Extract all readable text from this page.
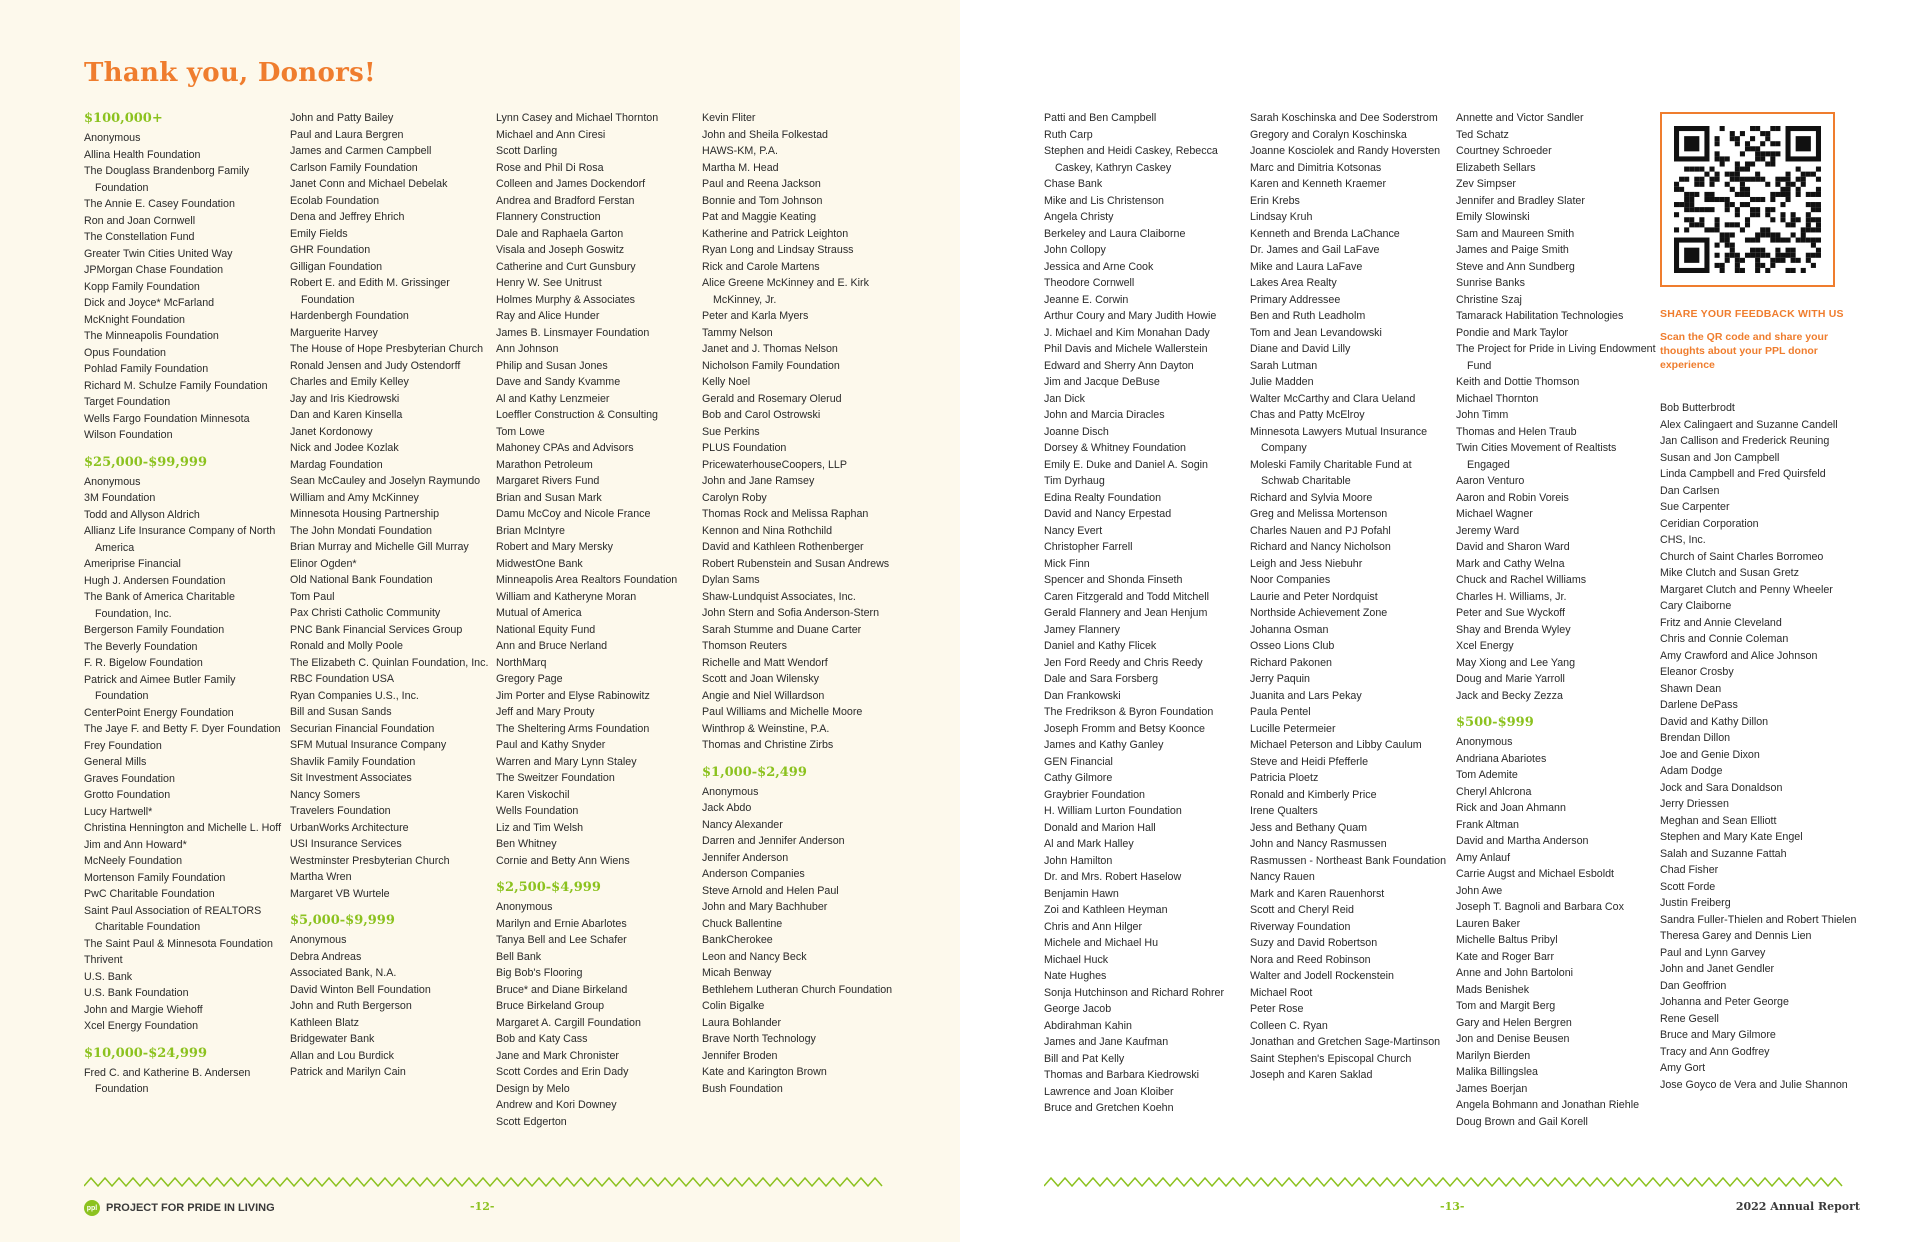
Thank you, Donors!
$100,000+
Anonymous
Allina Health Foundation
The Douglass Brandenborg Family Foundation
The Annie E. Casey Foundation
Ron and Joan Cornwell
The Constellation Fund
Greater Twin Cities United Way
JPMorgan Chase Foundation
Kopp Family Foundation
Dick and Joyce* McFarland
McKnight Foundation
The Minneapolis Foundation
Opus Foundation
Pohlad Family Foundation
Richard M. Schulze Family Foundation
Target Foundation
Wells Fargo Foundation Minnesota
Wilson Foundation
$25,000-$99,999
Anonymous
3M Foundation
Todd and Allyson Aldrich
Allianz Life Insurance Company of North America
Ameriprise Financial
Hugh J. Andersen Foundation
The Bank of America Charitable Foundation, Inc.
Bergerson Family Foundation
The Beverly Foundation
F. R. Bigelow Foundation
Patrick and Aimee Butler Family Foundation
CenterPoint Energy Foundation
The Jaye F. and Betty F. Dyer Foundation
Frey Foundation
General Mills
Graves Foundation
Grotto Foundation
Lucy Hartwell*
Christina Hennington and Michelle L. Hoff
Jim and Ann Howard*
McNeely Foundation
Mortenson Family Foundation
PwC Charitable Foundation
Saint Paul Association of REALTORS Charitable Foundation
The Saint Paul & Minnesota Foundation
Thrivent
U.S. Bank
U.S. Bank Foundation
John and Margie Wiehoff
Xcel Energy Foundation
$10,000-$24,999
Fred C. and Katherine B. Andersen Foundation
John and Patty Bailey
Paul and Laura Bergren
James and Carmen Campbell
Carlson Family Foundation
Janet Conn and Michael Debelak
Ecolab Foundation
Dena and Jeffrey Ehrich
Emily Fields
GHR Foundation
Gilligan Foundation
Robert E. and Edith M. Grissinger Foundation
Hardenbergh Foundation
Marguerite Harvey
The House of Hope Presbyterian Church
Ronald Jensen and Judy Ostendorff
Charles and Emily Kelley
Jay and Iris Kiedrowski
Dan and Karen Kinsella
Janet Kordonowy
Nick and Jodee Kozlak
Mardag Foundation
Sean McCauley and Joselyn Raymundo
William and Amy McKinney
Minnesota Housing Partnership
The John Mondati Foundation
Brian Murray and Michelle Gill Murray
Elinor Ogden*
Old National Bank Foundation
Tom Paul
Pax Christi Catholic Community
PNC Bank Financial Services Group
Ronald and Molly Poole
The Elizabeth C. Quinlan Foundation, Inc.
RBC Foundation USA
Ryan Companies U.S., Inc.
Bill and Susan Sands
Securian Financial Foundation
SFM Mutual Insurance Company
Shavlik Family Foundation
Sit Investment Associates
Nancy Somers
Travelers Foundation
UrbanWorks Architecture
USI Insurance Services
Westminster Presbyterian Church
Martha Wren
Margaret VB Wurtele
$5,000-$9,999
Anonymous
Debra Andreas
Associated Bank, N.A.
David Winton Bell Foundation
John and Ruth Bergerson
Kathleen Blatz
Bridgewater Bank
Allan and Lou Burdick
Patrick and Marilyn Cain
Lynn Casey and Michael Thornton
Michael and Ann Ciresi
Scott Darling
Rose and Phil Di Rosa
Colleen and James Dockendorf
Andrea and Bradford Ferstan
Flannery Construction
Dale and Raphaela Garton
Visala and Joseph Goswitz
Catherine and Curt Gunsbury
Henry W. See Unitrust
Holmes Murphy & Associates
Ray and Alice Hunder
James B. Linsmayer Foundation
Ann Johnson
Philip and Susan Jones
Dave and Sandy Kvamme
Al and Kathy Lenzmeier
Loeffler Construction & Consulting
Tom Lowe
Mahoney CPAs and Advisors
Marathon Petroleum
Margaret Rivers Fund
Brian and Susan Mark
Damu McCoy and Nicole France
Brian McIntyre
Robert and Mary Mersky
MidwestOne Bank
Minneapolis Area Realtors Foundation
William and Katheryne Moran
Mutual of America
National Equity Fund
Ann and Bruce Nerland
NorthMarq
Gregory Page
Jim Porter and Elyse Rabinowitz
Jeff and Mary Prouty
The Sheltering Arms Foundation
Paul and Kathy Snyder
Warren and Mary Lynn Staley
The Sweitzer Foundation
Karen Viskochil
Wells Foundation
Liz and Tim Welsh
Ben Whitney
Cornie and Betty Ann Wiens
$2,500-$4,999
Anonymous
Marilyn and Ernie Abarlotes
Tanya Bell and Lee Schafer
Bell Bank
Big Bob's Flooring
Bruce* and Diane Birkeland
Bruce Birkeland Group
Margaret A. Cargill Foundation
Bob and Katy Cass
Jane and Mark Chronister
Scott Cordes and Erin Dady
Design by Melo
Andrew and Kori Downey
Scott Edgerton
Kevin Fliter
John and Sheila Folkestad
HAWS-KM, P.A.
Martha M. Head
Paul and Reena Jackson
Bonnie and Tom Johnson
Pat and Maggie Keating
Katherine and Patrick Leighton
Ryan Long and Lindsay Strauss
Rick and Carole Martens
Alice Greene McKinney and E. Kirk McKinney, Jr.
Peter and Karla Myers
Tammy Nelson
Janet and J. Thomas Nelson
Nicholson Family Foundation
Kelly Noel
Gerald and Rosemary Olerud
Bob and Carol Ostrowski
Sue Perkins
PLUS Foundation
PricewaterhouseCoopers, LLP
John and Jane Ramsey
Carolyn Roby
Thomas Rock and Melissa Raphan
Kennon and Nina Rothchild
David and Kathleen Rothenberger
Robert Rubenstein and Susan Andrews
Dylan Sams
Shaw-Lundquist Associates, Inc.
John Stern and Sofia Anderson-Stern
Sarah Stumme and Duane Carter
Thomson Reuters
Richelle and Matt Wendorf
Scott and Joan Wilensky
Angie and Niel Willardson
Paul Williams and Michelle Moore
Winthrop & Weinstine, P.A.
Thomas and Christine Zirbs
$1,000-$2,499
Anonymous
Jack Abdo
Nancy Alexander
Darren and Jennifer Anderson
Jennifer Anderson
Anderson Companies
Steve Arnold and Helen Paul
John and Mary Bachhuber
Chuck Ballentine
BankCherokee
Leon and Nancy Beck
Micah Benway
Bethlehem Lutheran Church Foundation
Colin Bigalke
Laura Bohlander
Brave North Technology
Jennifer Broden
Kate and Karington Brown
Bush Foundation
Patti and Ben Campbell
Ruth Carp
Stephen and Heidi Caskey, Rebecca Caskey, Kathryn Caskey
Chase Bank
Mike and Lis Christenson
Angela Christy
Berkeley and Laura Claiborne
John Collopy
Jessica and Arne Cook
Theodore Cornwell
Jeanne E. Corwin
Arthur Coury and Mary Judith Howie
J. Michael and Kim Monahan Dady
Phil Davis and Michele Wallerstein
Edward and Sherry Ann Dayton
Jim and Jacque DeBuse
Jan Dick
John and Marcia Diracles
Joanne Disch
Dorsey & Whitney Foundation
Emily E. Duke and Daniel A. Sogin
Tim Dyrhaug
Edina Realty Foundation
David and Nancy Erpestad
Nancy Evert
Christopher Farrell
Mick Finn
Spencer and Shonda Finseth
Caren Fitzgerald and Todd Mitchell
Gerald Flannery and Jean Henjum
Jamey Flannery
Daniel and Kathy Flicek
Jen Ford Reedy and Chris Reedy
Dale and Sara Forsberg
Dan Frankowski
The Fredrikson & Byron Foundation
Joseph Fromm and Betsy Koonce
James and Kathy Ganley
GEN Financial
Cathy Gilmore
Graybrier Foundation
H. William Lurton Foundation
Donald and Marion Hall
Al and Mark Halley
John Hamilton
Dr. and Mrs. Robert Haselow
Benjamin Hawn
Zoi and Kathleen Heyman
Chris and Ann Hilger
Michele and Michael Hu
Michael Huck
Nate Hughes
Sonja Hutchinson and Richard Rohrer
George Jacob
Abdirahman Kahin
James and Jane Kaufman
Bill and Pat Kelly
Thomas and Barbara Kiedrowski
Lawrence and Joan Kloiber
Bruce and Gretchen Koehn
Sarah Koschinska and Dee Soderstrom
Gregory and Coralyn Koschinska
Joanne Kosciolek and Randy Hoversten
Marc and Dimitria Kotsonas
Karen and Kenneth Kraemer
Erin Krebs
Lindsay Kruh
Kenneth and Brenda LaChance
Dr. James and Gail LaFave
Mike and Laura LaFave
Lakes Area Realty
Primary Addressee
Ben and Ruth Leadholm
Tom and Jean Levandowski
Diane and David Lilly
Sarah Lutman
Julie Madden
Walter McCarthy and Clara Ueland
Chas and Patty McElroy
Minnesota Lawyers Mutual Insurance Company
Moleski Family Charitable Fund at Schwab Charitable
Richard and Sylvia Moore
Greg and Melissa Mortenson
Charles Nauen and PJ Pofahl
Richard and Nancy Nicholson
Leigh and Jess Niebuhr
Noor Companies
Laurie and Peter Nordquist
Northside Achievement Zone
Johanna Osman
Osseo Lions Club
Richard Pakonen
Jerry Paquin
Juanita and Lars Pekay
Paula Pentel
Lucille Petermeier
Michael Peterson and Libby Caulum
Steve and Heidi Pfefferle
Patricia Ploetz
Ronald and Kimberly Price
Irene Qualters
Jess and Bethany Quam
John and Nancy Rasmussen
Rasmussen - Northeast Bank Foundation
Nancy Rauen
Mark and Karen Rauenhorst
Scott and Cheryl Reid
Riverway Foundation
Suzy and David Robertson
Nora and Reed Robinson
Walter and Jodell Rockenstein
Michael Root
Peter Rose
Colleen C. Ryan
Jonathan and Gretchen Sage-Martinson
Saint Stephen's Episcopal Church
Joseph and Karen Saklad
Annette and Victor Sandler
Ted Schatz
Courtney Schroeder
Elizabeth Sellars
Zev Simpser
Jennifer and Bradley Slater
Emily Slowinski
Sam and Maureen Smith
James and Paige Smith
Steve and Ann Sundberg
Sunrise Banks
Christine Szaj
Tamarack Habilitation Technologies
Pondie and Mark Taylor
The Project for Pride in Living Endowment Fund
Keith and Dottie Thomson
Michael Thornton
John Timm
Thomas and Helen Traub
Twin Cities Movement of Realtists Engaged
Aaron Venturo
Aaron and Robin Voreis
Michael Wagner
Jeremy Ward
David and Sharon Ward
Mark and Cathy Welna
Chuck and Rachel Williams
Charles H. Williams, Jr.
Peter and Sue Wyckoff
Shay and Brenda Wyley
Xcel Energy
May Xiong and Lee Yang
Doug and Marie Yarroll
Jack and Becky Zezza
$500-$999
Anonymous
Andriana Abariotes
Tom Ademite
Cheryl Ahlcrona
Rick and Joan Ahmann
Frank Altman
David and Martha Anderson
Amy Anlauf
Carrie Augst and Michael Esboldt
John Awe
Joseph T. Bagnoli and Barbara Cox
Lauren Baker
Michelle Baltus Pribyl
Kate and Roger Barr
Anne and John Bartoloni
Mads Benishek
Tom and Margit Berg
Gary and Helen Bergren
Jon and Denise Beusen
Marilyn Bierden
Malika Billingslea
James Boerjan
Angela Bohmann and Jonathan Riehle
Doug Brown and Gail Korell
Bob Butterbrodt
Alex Calingaert and Suzanne Candell
Jan Callison and Frederick Reuning
Susan and Jon Campbell
Linda Campbell and Fred Quirsfeld
Dan Carlsen
Sue Carpenter
Ceridian Corporation
CHS, Inc.
Church of Saint Charles Borromeo
Mike Clutch and Susan Gretz
Margaret Clutch and Penny Wheeler
Cary Claiborne
Fritz and Annie Cleveland
Chris and Connie Coleman
Amy Crawford and Alice Johnson
Eleanor Crosby
Shawn Dean
Darlene DePass
David and Kathy Dillon
Brendan Dillon
Joe and Genie Dixon
Adam Dodge
Jock and Sara Donaldson
Jerry Driessen
Meghan and Sean Elliott
Stephen and Mary Kate Engel
Salah and Suzanne Fattah
Chad Fisher
Scott Forde
Justin Freiberg
Sandra Fuller-Thielen and Robert Thielen
Theresa Garey and Dennis Lien
Paul and Lynn Garvey
John and Janet Gendler
Dan Geoffrion
Johanna and Peter George
Rene Gesell
Bruce and Mary Gilmore
Tracy and Ann Godfrey
Amy Gort
Jose Goyco de Vera and Julie Shannon
SHARE YOUR FEEDBACK WITH US
Scan the QR code and share your thoughts about your PPL donor experience
ppl PROJECT FOR PRIDE IN LIVING	-12-	-13-	2022 Annual Report
